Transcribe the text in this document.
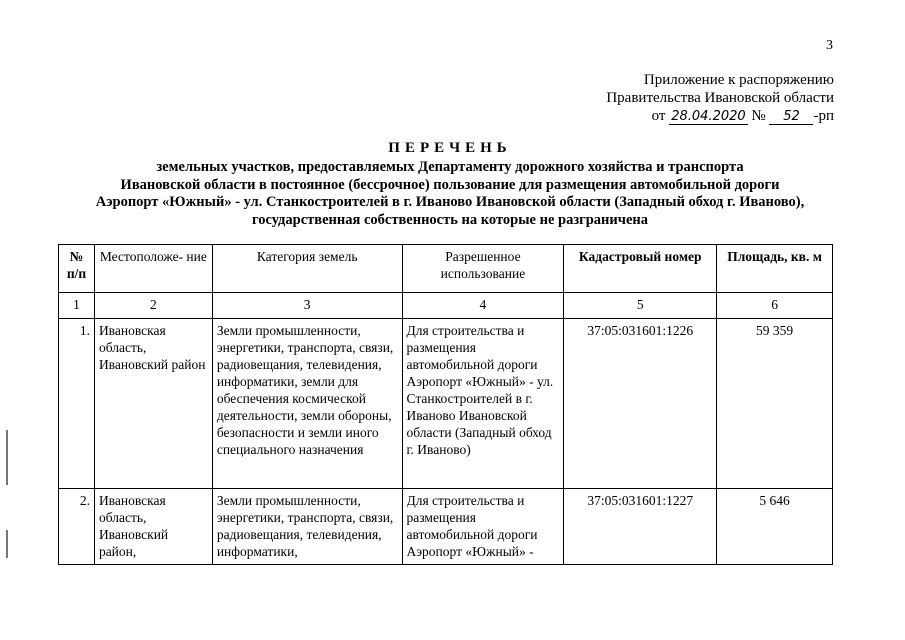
3
Приложение к распоряжению
Правительства Ивановской области
от 28.04.2020 № 52 -рп
ПЕРЕЧЕНЬ
земельных участков, предоставляемых Департаменту дорожного хозяйства и транспорта
Ивановской области в постоянное (бессрочное) пользование для размещения автомобильной дороги
Аэропорт «Южный» - ул. Станкостроителей в г. Иваново Ивановской области (Западный обход г. Иваново),
государственная собственность на которые не разграничена
№ п/п	Местоположе- ние	Категория земель	Разрешенное использование	Кадастровый номер	Площадь, кв. м
1	2	3	4	5	6
1.	Ивановская область, Ивановский район	Земли промышленности, энергетики, транспорта, связи, радиовещания, телевидения, информатики, земли для обеспечения космической деятельности, земли обороны, безопасности и земли иного специального назначения	Для строительства и размещения автомобильной дороги Аэропорт «Южный» - ул. Станкостроителей в г. Иваново Ивановской области (Западный обход г. Иваново)	37:05:031601:1226	59 359

2.	Ивановская область, Ивановский район,	Земли промышленности, энергетики, транспорта, связи, радиовещания, телевидения, информатики,	Для строительства и размещения автомобильной дороги Аэропорт «Южный» -	37:05:031601:1227	5 646
